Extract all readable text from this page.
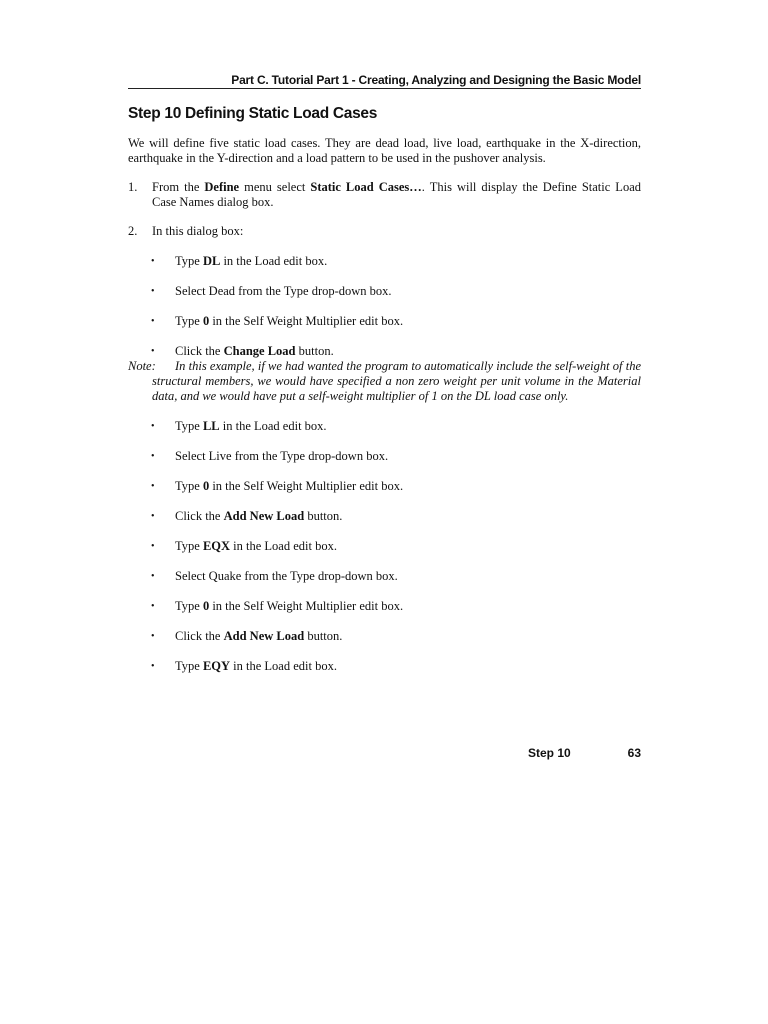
Part C. Tutorial Part 1 - Creating, Analyzing and Designing the Basic Model
Step 10 Defining Static Load Cases

We will define five static load cases. They are dead load, live load, earthquake in the X-direction, earthquake in the Y-direction and a load pattern to be used in the pushover analysis.

1.	From the Define menu select Static Load Cases…. This will display the Define Static Load Case Names dialog box.
2.	In this dialog box:
•	Type DL in the Load edit box.
•	Select Dead from the Type drop-down box.
•	Type 0 in the Self Weight Multiplier edit box.
•	Click the Change Load button.

Note: In this example, if we had wanted the program to automatically include the self-weight of the structural members, we would have specified a non zero weight per unit volume in the Material data, and we would have put a self-weight multiplier of 1 on the DL load case only.

•	Type LL in the Load edit box.
•	Select Live from the Type drop-down box.
•	Type 0 in the Self Weight Multiplier edit box.
•	Click the Add New Load button.
•	Type EQX in the Load edit box.
•	Select Quake from the Type drop-down box.
•	Type 0 in the Self Weight Multiplier edit box.
•	Click the Add New Load button.
•	Type EQY in the Load edit box.
Step 10	63
